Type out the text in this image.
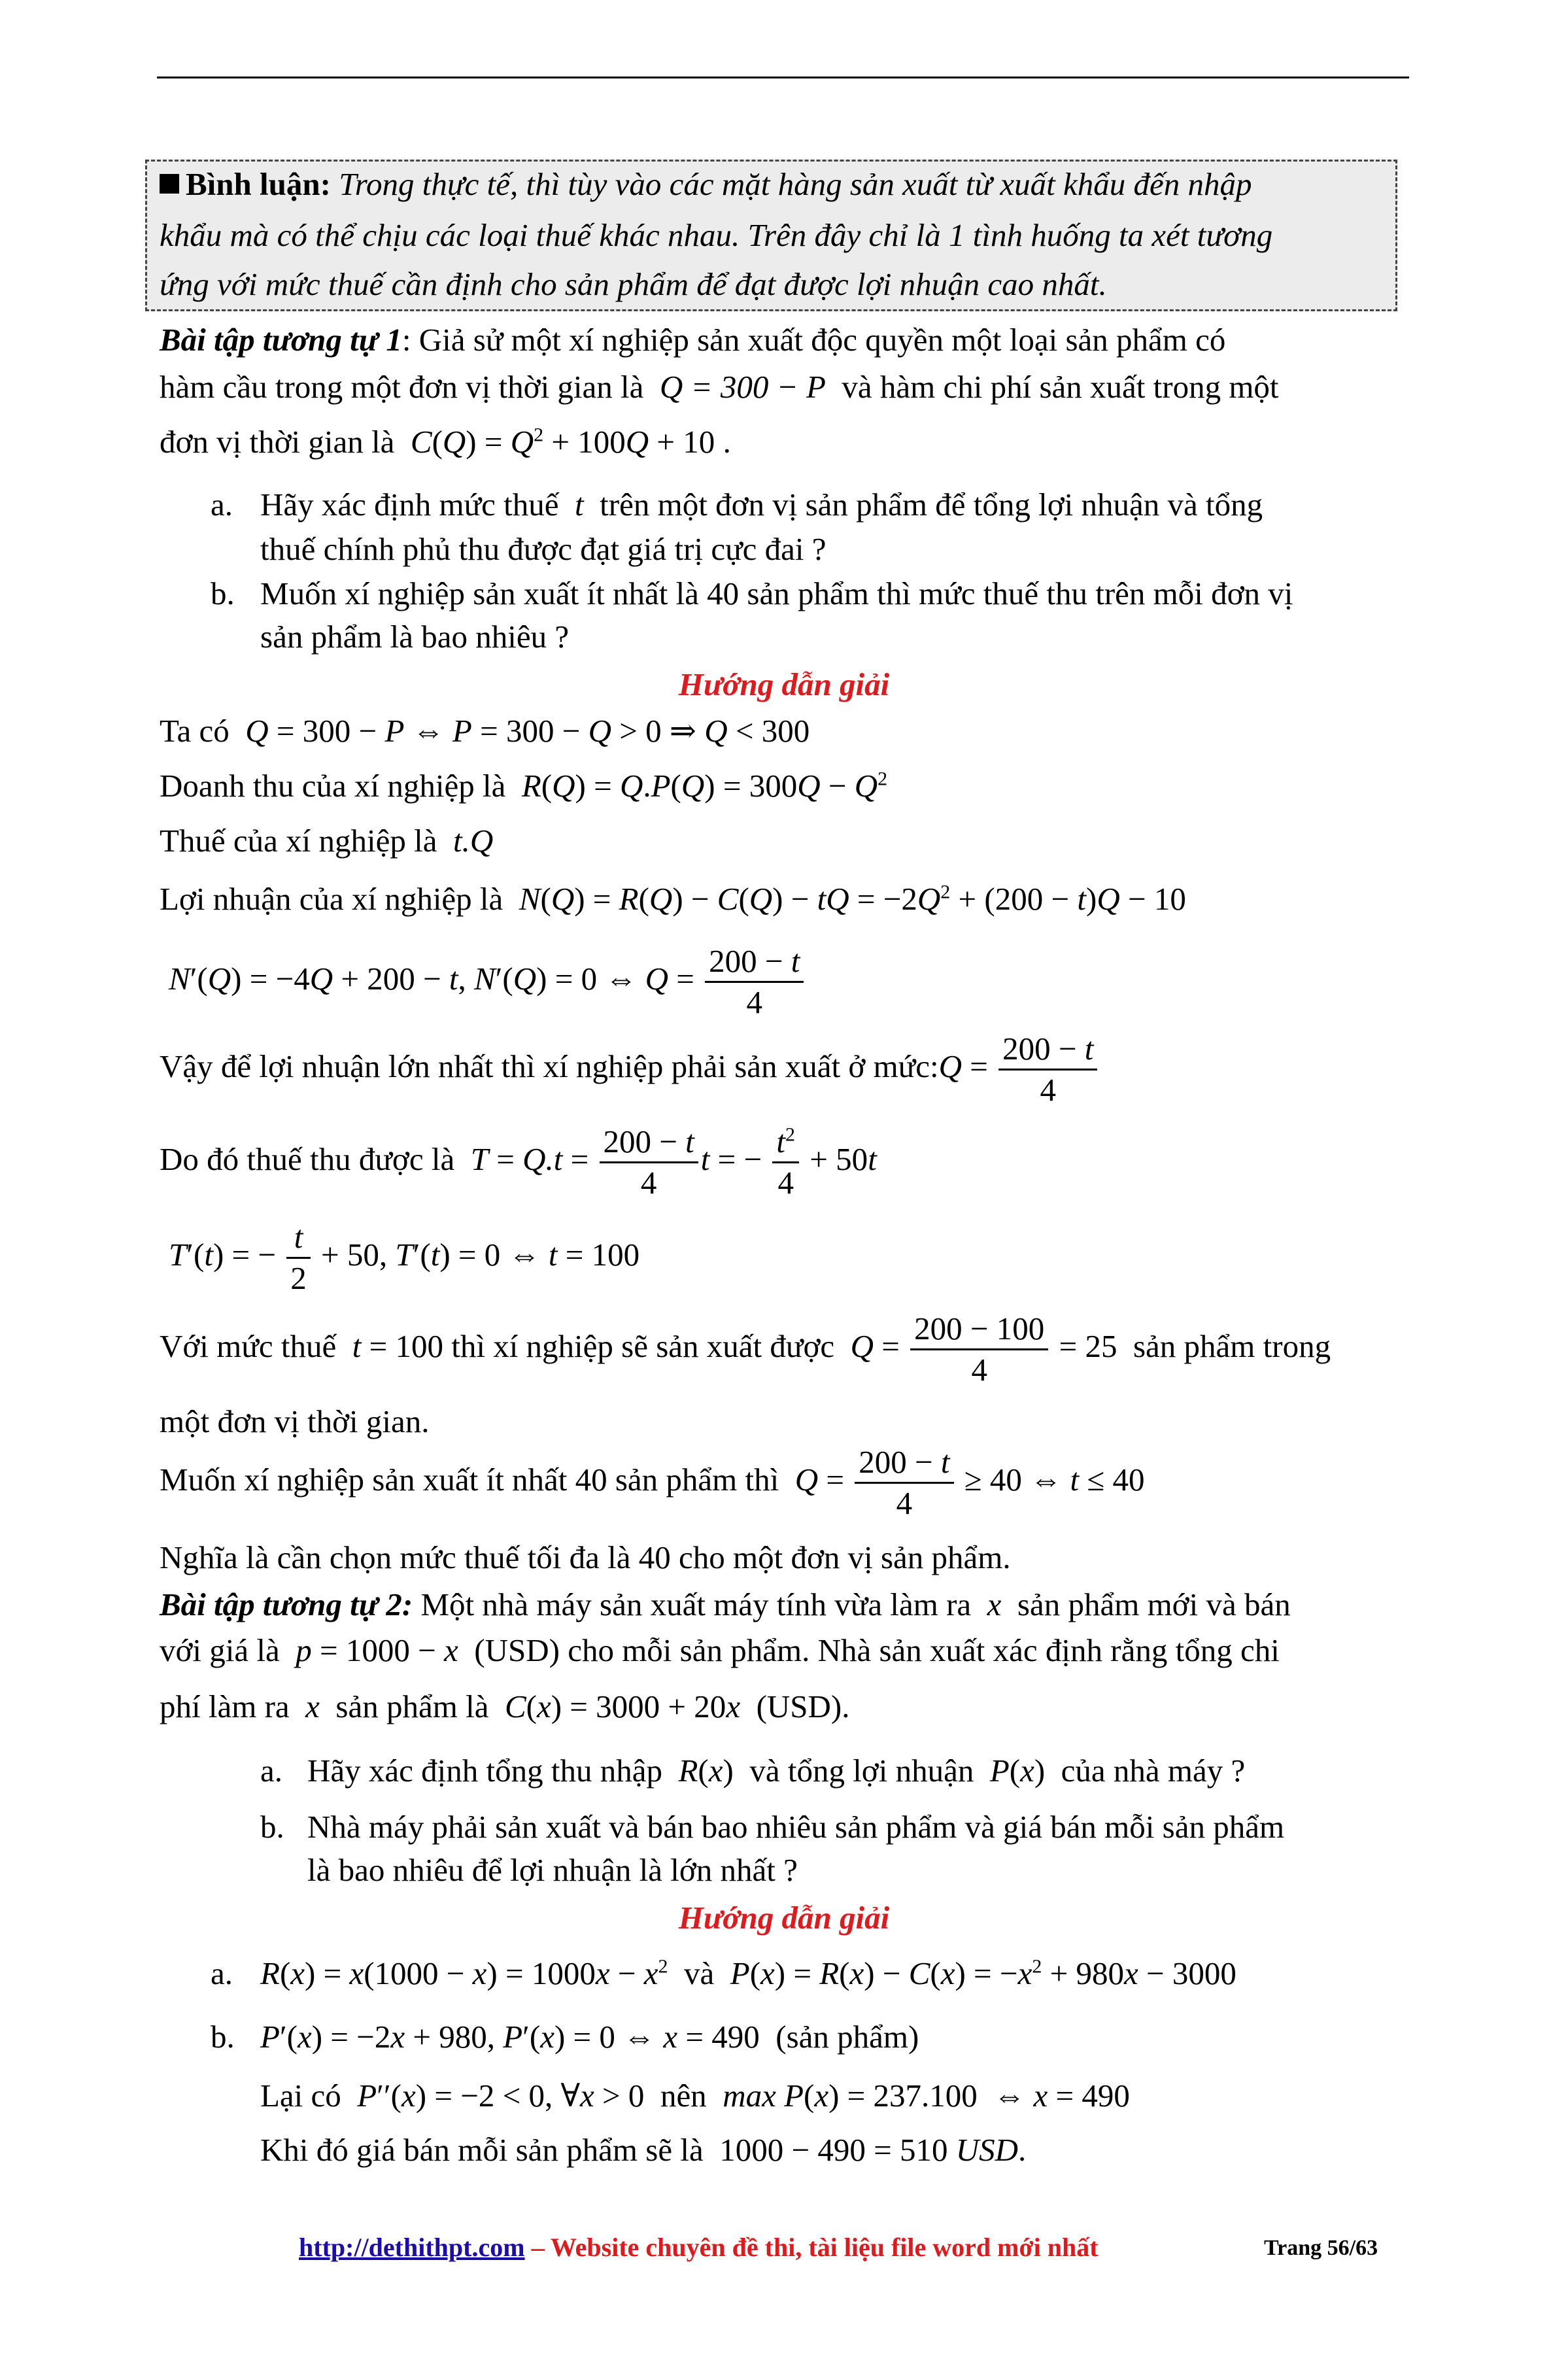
Bình luận: Trong thực tế, thì tùy vào các mặt hàng sản xuất từ xuất khẩu đến nhập
khẩu mà có thể chịu các loại thuế khác nhau. Trên đây chỉ là 1 tình huống ta xét tương
ứng với mức thuế cần định cho sản phẩm để đạt được lợi nhuận cao nhất.
Bài tập tương tự 1: Giả sử một xí nghiệp sản xuất độc quyền một loại sản phẩm có
hàm cầu trong một đơn vị thời gian là Q = 300 − P và hàm chi phí sản xuất trong một
đơn vị thời gian là $C(Q) = Q^2 + 100Q + 10$ .
a. Hãy xác định mức thuế t trên một đơn vị sản phẩm để tổng lợi nhuận và tổng
thuế chính phủ thu được đạt giá trị cực đai ?
b. Muốn xí nghiệp sản xuất ít nhất là 40 sản phẩm thì mức thuế thu trên mỗi đơn vị
sản phẩm là bao nhiêu ?
Hướng dẫn giải
Ta có Q = 300 − P ⇔ P = 300 − Q > 0 ⇒ Q < 300
Doanh thu của xí nghiệp là $R(Q) = Q.P(Q) = 300Q - Q^2$
Thuế của xí nghiệp là t.Q
Lợi nhuận của xí nghiệp là N(Q) = R(Q) − C(Q) − tQ = $-2Q^2 + (200 - t)Q - 10$
N′(Q) = −4Q + 200 − t, N′(Q) = 0 ⇔ $Q = \frac{200 - t}{4}$
Vậy để lợi nhuận lớn nhất thì xí nghiệp phải sản xuất ở mức:Q = $\frac{200 - t}{4}$
Do đó thuế thu được là $T = Q.t = \frac{200 - t}{4}$ t = − $\frac{t^2}{4} + 50t$
T′(t) = − $\frac{t}{2} + 50$, T′(t) = 0 ⇔ t = 100
Với mức thuế t = 100 thì xí nghiệp sẽ sản xuất được $Q = \frac{200 - 100}{4} = 25$ sản phẩm trong
một đơn vị thời gian.
Muốn xí nghiệp sản xuất ít nhất 40 sản phẩm thì $Q = \frac{200 - t}{4} \ge 40$ ⇔ t ≤ 40
Nghĩa là cần chọn mức thuế tối đa là 40 cho một đơn vị sản phẩm.
Bài tập tương tự 2: Một nhà máy sản xuất máy tính vừa làm ra x sản phẩm mới và bán
với giá là p = 1000 − x (USD) cho mỗi sản phẩm. Nhà sản xuất xác định rằng tổng chi
phí làm ra x sản phẩm là C(x) = 3000 + 20x (USD).
a. Hãy xác định tổng thu nhập R(x) và tổng lợi nhuận P(x) của nhà máy ?
b. Nhà máy phải sản xuất và bán bao nhiêu sản phẩm và giá bán mỗi sản phẩm
là bao nhiêu để lợi nhuận là lớn nhất ?
Hướng dẫn giải
a. $R(x) = x(1000 - x) = 1000x - x^2$ và $P(x) = R(x) - C(x) = -x^2 + 980x - 3000$
b. P′(x) = −2x + 980, P′(x) = 0 ⇔ x = 490 (sản phẩm)
Lại có P′′(x) = −2 < 0, ∀x > 0 nên max P(x) = 237.100  ⇔ x = 490
Khi đó giá bán mỗi sản phẩm sẽ là 1000 − 490 = 510 USD.
http://dethithpt.com – Website chuyên đề thi, tài liệu file word mới nhất	Trang 56/63
